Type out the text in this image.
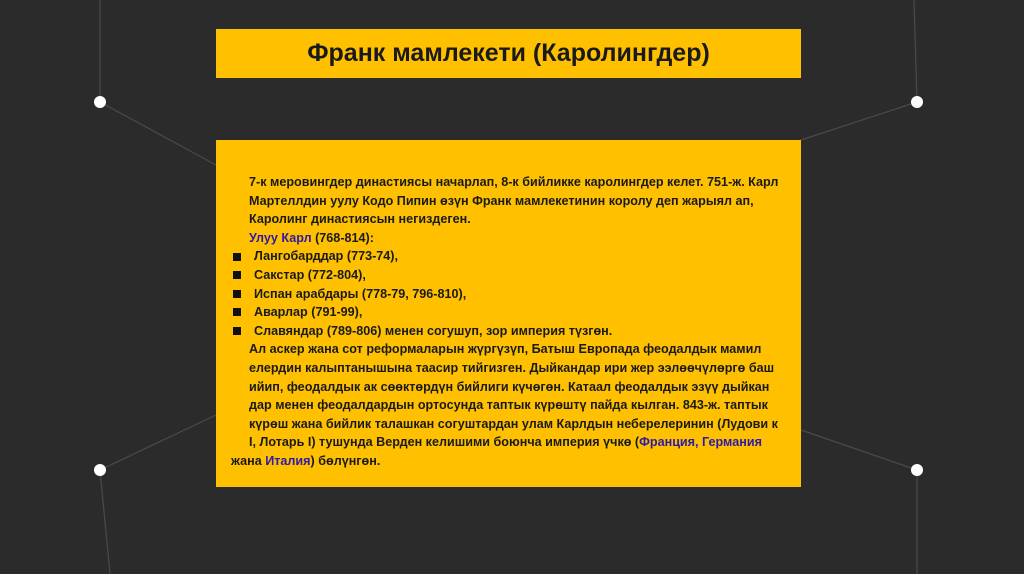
Франк мамлекети (Каролингдер)

7-к меровингдер династиясы начарлап, 8-к бийликке каролингдер келет. 751-ж. Карл Мартеллдин уулу Кодо Пипин өзүн Франк мамлекетинин королу деп жарыял ап, Каролинг династиясын негиздеген.

Улуу Карл (768-814):

Лангобарддар (773-74),
Сакстар (772-804),
Испан арабдары (778-79, 796-810),
Аварлар (791-99),
Славяндар (789-806) менен согушуп, зор империя түзгөн.

Ал аскер жана сот реформаларын жүргүзүп, Батыш Европада феодалдык мамил елердин калыптанышына таасир тийгизген. Дыйкандар ири жер ээлөөчүлөргө баш ийип, феодалдык ак сөөктөрдүн бийлиги күчөгөн. Катаал феодалдык эзүү дыйкан дар менен феодалдардын ортосунда таптык күрөштү пайда кылган. 843-ж. таптык күрөш жана бийлик талашкан согуштардан улам Карлдын неберелеринин (Лудови к I, Лотарь I) тушунда Верден келишими боюнча империя үчкө (Франция, Германия
жана Италия) бөлүнгөн.
